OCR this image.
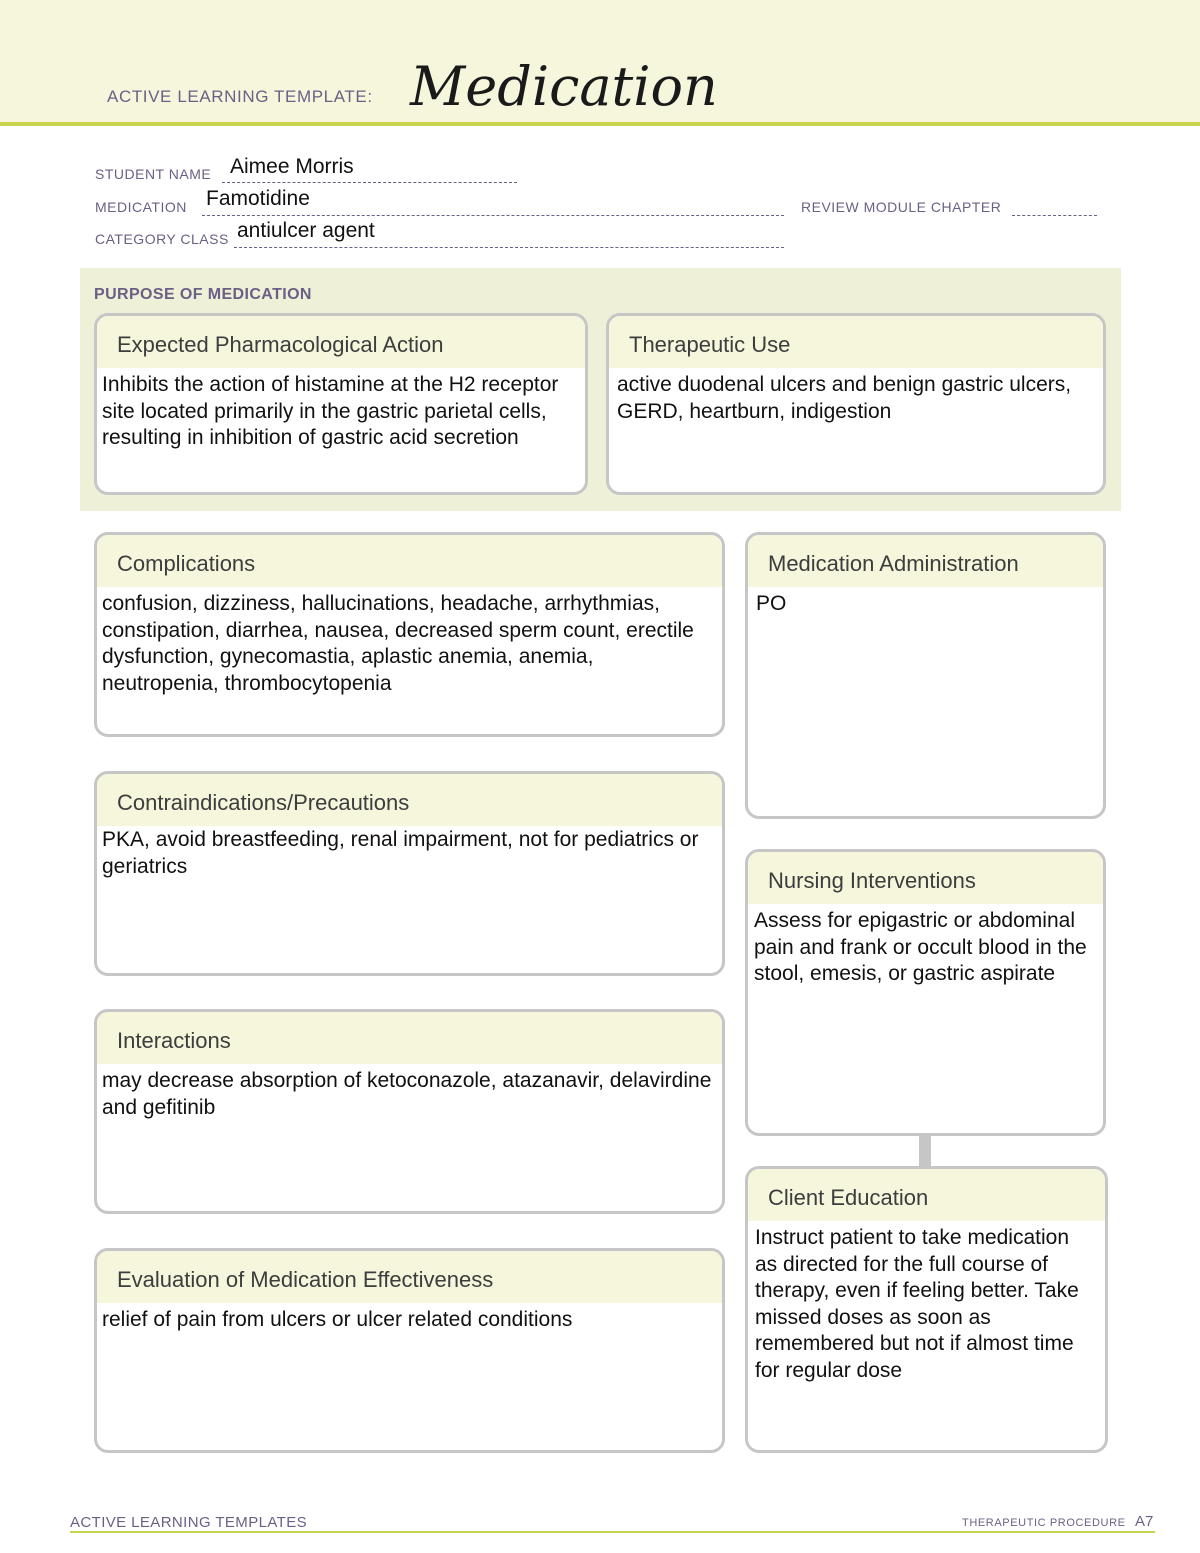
ACTIVE LEARNING TEMPLATE: Medication
STUDENT NAME Aimee Morris
MEDICATION Famotidine	REVIEW MODULE CHAPTER
CATEGORY CLASS antiulcer agent
PURPOSE OF MEDICATION
Expected Pharmacological Action
Inhibits the action of histamine at the H2 receptor site located primarily in the gastric parietal cells, resulting in inhibition of gastric acid secretion
Therapeutic Use
active duodenal ulcers and benign gastric ulcers, GERD, heartburn, indigestion
Complications
confusion, dizziness, hallucinations, headache, arrhythmias, constipation, diarrhea, nausea, decreased sperm count, erectile dysfunction, gynecomastia, aplastic anemia, anemia, neutropenia, thrombocytopenia
Contraindications/Precautions
PKA, avoid breastfeeding, renal impairment, not for pediatrics or geriatrics
Interactions
may decrease absorption of ketoconazole, atazanavir, delavirdine and gefitinib
Evaluation of Medication Effectiveness
relief of pain from ulcers or ulcer related conditions
Medication Administration
PO
Nursing Interventions
Assess for epigastric or abdominal pain and frank or occult blood in the stool, emesis, or gastric aspirate
Client Education
Instruct patient to take medication as directed for the full course of therapy, even if feeling better. Take missed doses as soon as remembered but not if almost time for regular dose
ACTIVE LEARNING TEMPLATES	THERAPEUTIC PROCEDURE A7
